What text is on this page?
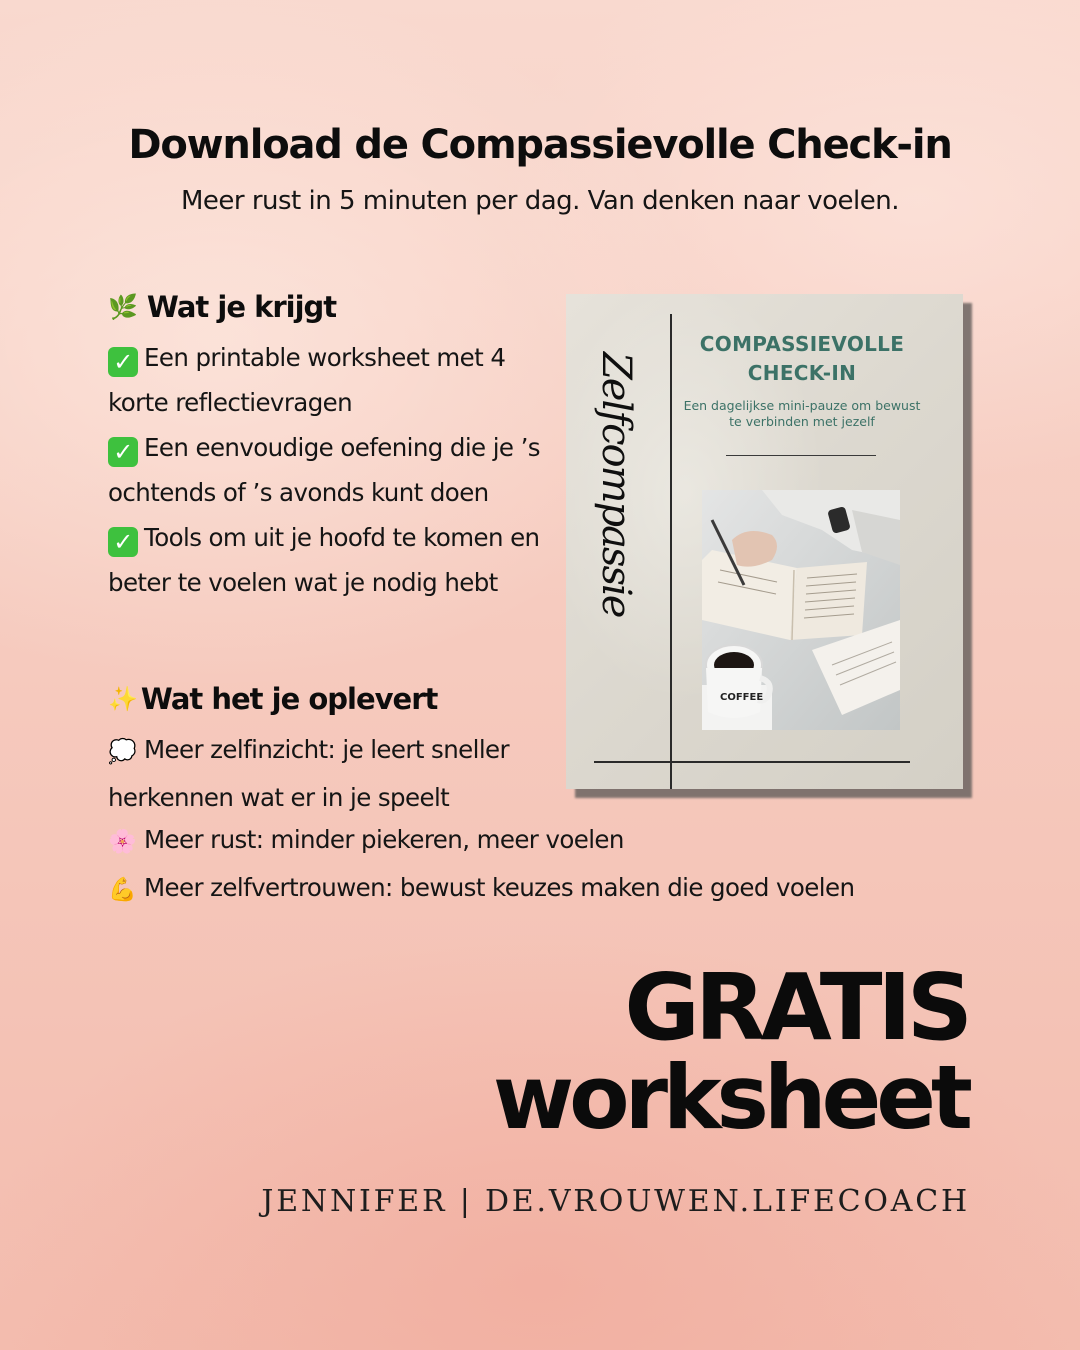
Download de Compassievolle Check-in
Meer rust in 5 minuten per dag. Van denken naar voelen.
🌿 Wat je krijgt

✓ Een printable worksheet met 4 korte reflectievragen

✓ Een eenvoudige oefening die je ’s ochtends of ’s avonds kunt doen

✓ Tools om uit je hoofd te komen en beter te voelen wat je nodig hebt

✨ Wat het je oplevert

💭 Meer zelfinzicht: je leert sneller herkennen wat er in je speelt

🌸 Meer rust: minder piekeren, meer voelen

💪 Meer zelfvertrouwen: bewust keuzes maken die goed voelen

Zelfcompassie
COMPASSIEVOLLE
CHECK-IN
Een dagelijkse mini-pauze om bewust te verbinden met jezelf
COFFEE
GRATIS
worksheet
JENNIFER | DE.VROUWEN.LIFECOACH
